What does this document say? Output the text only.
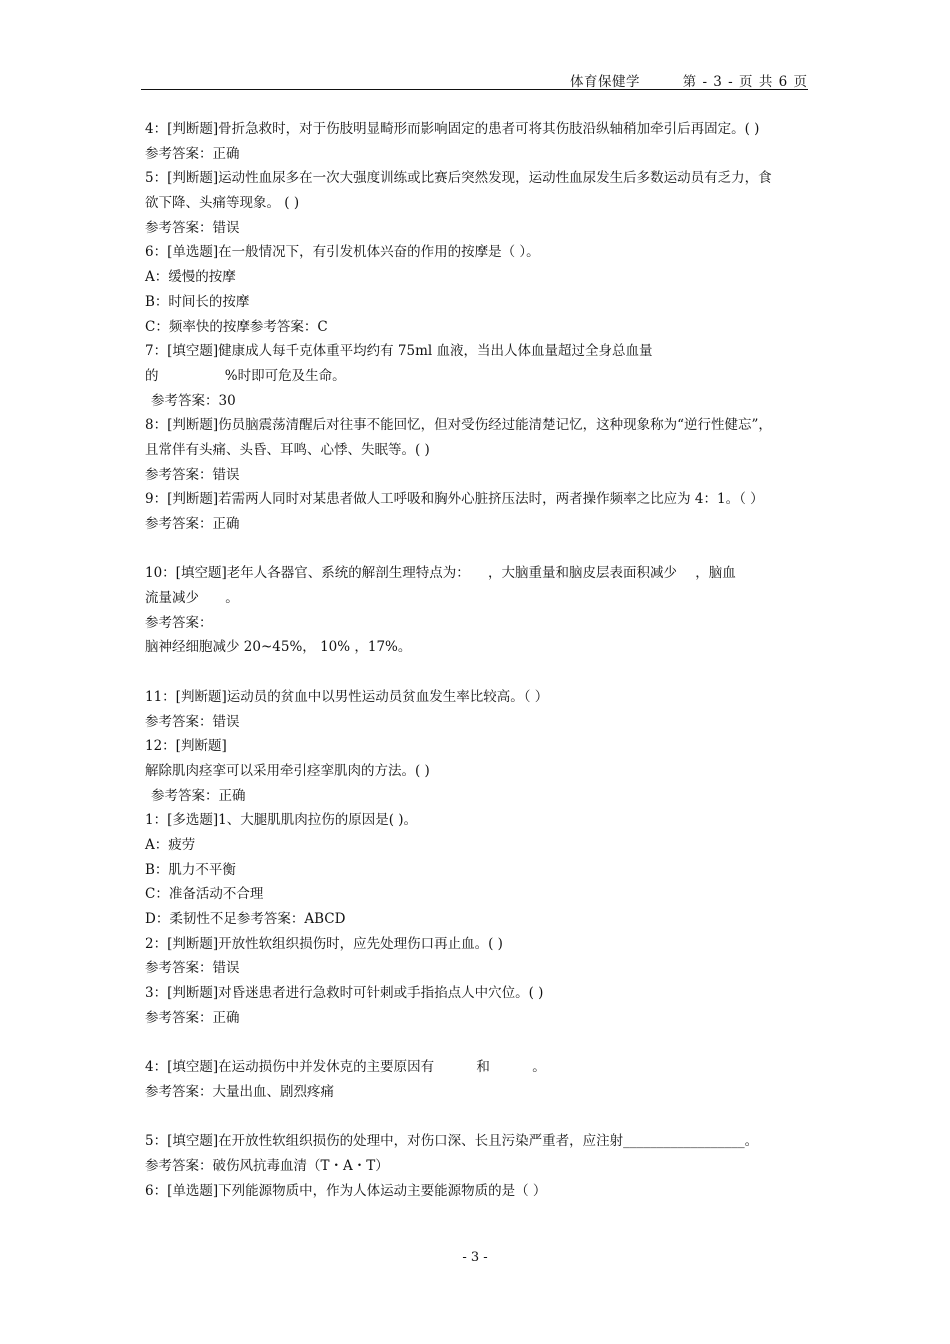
体育保健学	第 - 3 - 页 共 6 页
4：[判断题]骨折急救时，对于伤肢明显畸形而影响固定的患者可将其伤肢沿纵轴稍加牵引后再固定。( )
参考答案：正确
5：[判断题]运动性血尿多在一次大强度训练或比赛后突然发现，运动性血尿发生后多数运动员有乏力，食
欲下降、头痛等现象。 ( )
参考答案：错误
6：[单选题]在一般情况下，有引发机体兴奋的作用的按摩是（ ）。
A：缓慢的按摩
B：时间长的按摩
C：频率快的按摩参考答案：C
7：[填空题]健康成人每千克体重平均约有 75ml 血液，当出人体血量超过全身总血量
的 %时即可危及生命。
参考答案：30
8：[判断题]伤员脑震荡清醒后对往事不能回忆，但对受伤经过能清楚记忆，这种现象称为“逆行性健忘”，
且常伴有头痛、头昏、耳鸣、心悸、失眠等。( )
参考答案：错误
9：[判断题]若需两人同时对某患者做人工呼吸和胸外心脏挤压法时，两者操作频率之比应为 4：1。（ ）
参考答案：正确
10：[填空题]老年人各器官、系统的解剖生理特点为： ，大脑重量和脑皮层表面积减少 ，脑血
流量减少 。
参考答案：
脑神经细胞减少 20~45%， 10% ，17%。
11：[判断题]运动员的贫血中以男性运动员贫血发生率比较高。（ ）
参考答案：错误
12：[判断题]
解除肌肉痉挛可以采用牵引痉挛肌肉的方法。( )
参考答案：正确
1：[多选题]1、大腿肌肌肉拉伤的原因是( )。
A：疲劳
B：肌力不平衡
C：准备活动不合理
D：柔韧性不足参考答案：ABCD
2：[判断题]开放性软组织损伤时，应先处理伤口再止血。( )
参考答案：错误
3：[判断题]对昏迷患者进行急救时可针刺或手指掐点人中穴位。( )
参考答案：正确
4：[填空题]在运动损伤中并发休克的主要原因有 和 。
参考答案：大量出血、剧烈疼痛
5：[填空题]在开放性软组织损伤的处理中，对伤口深、长且污染严重者，应注射__________________。
参考答案：破伤风抗毒血清（T・A・T）
6：[单选题]下列能源物质中，作为人体运动主要能源物质的是（ ）
- 3 -
